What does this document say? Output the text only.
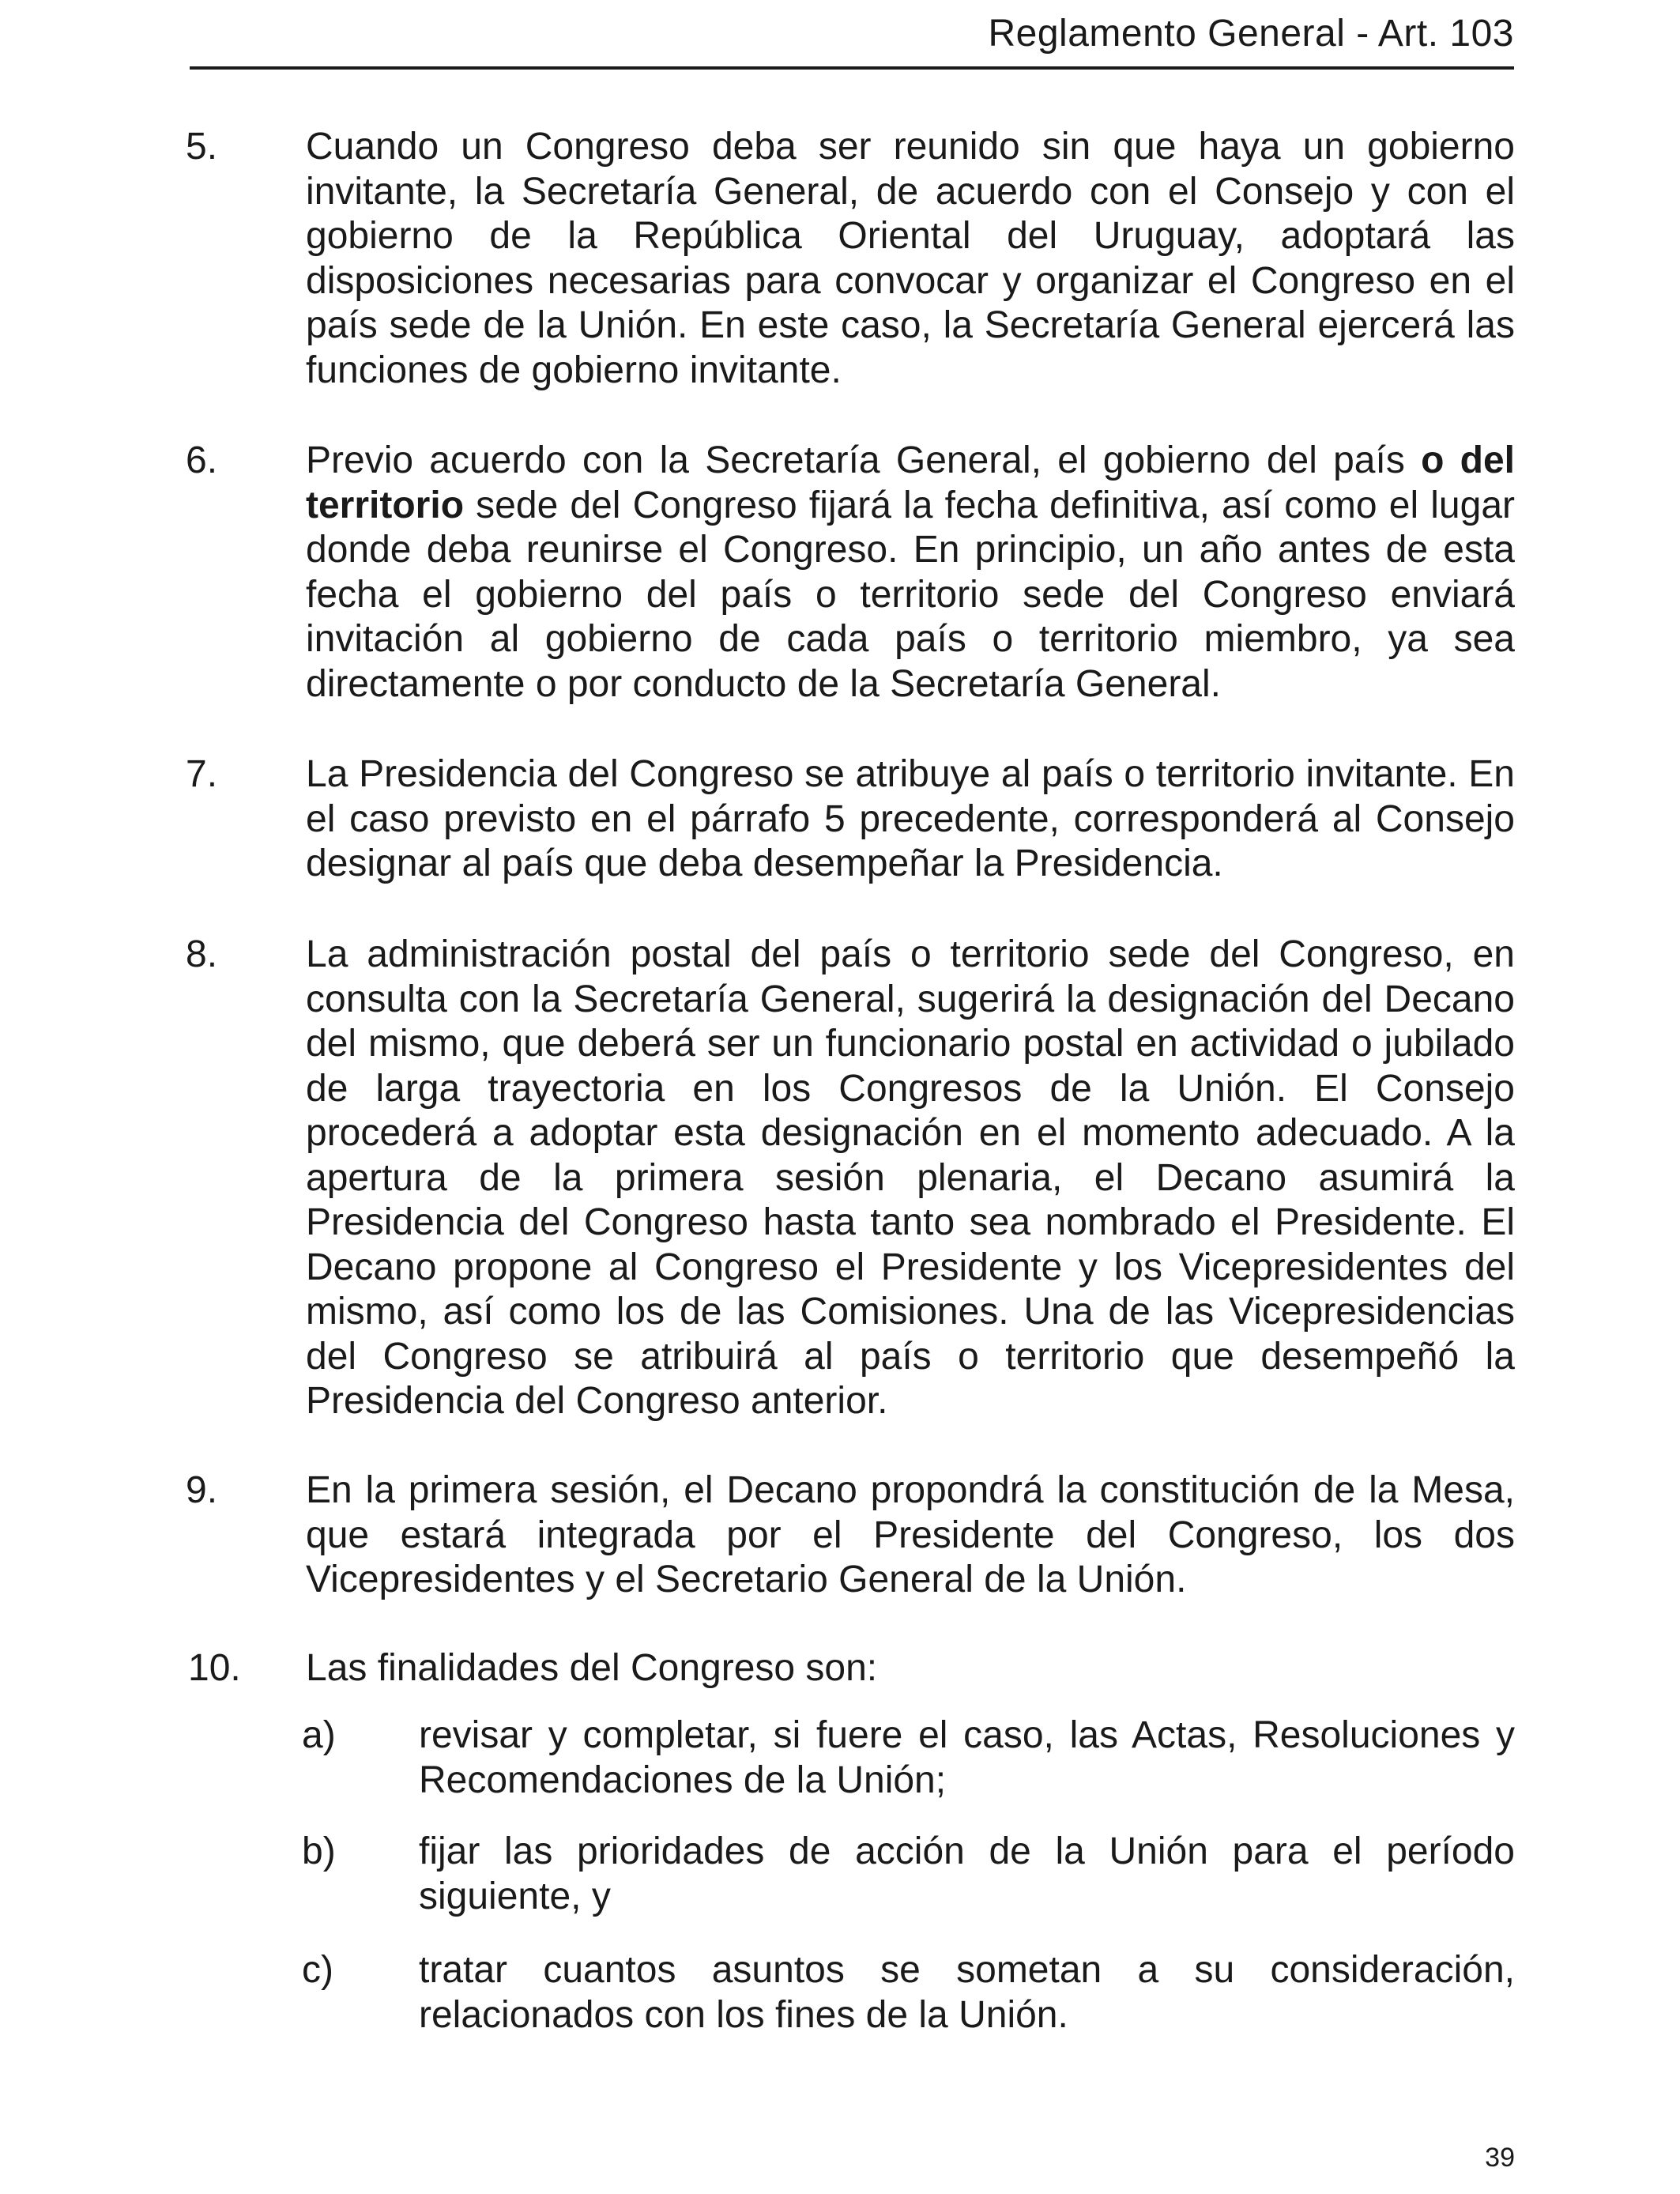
Reglamento General - Art. 103
5.	Cuando un Congreso deba ser reunido sin que haya un gobierno invitante, la Secretaría General, de acuerdo con el Consejo y con el gobierno de la República Oriental del Uruguay, adoptará las disposiciones necesarias para convocar y organizar el Congreso en el país sede de la Unión. En este caso, la Secretaría General ejercerá las funciones de gobierno invitante.
6.	Previo acuerdo con la Secretaría General, el gobierno del país o del territorio sede del Congreso fijará la fecha definitiva, así como el lugar donde deba reunirse el Congreso. En principio, un año antes de esta fecha el gobierno del país o territorio sede del Congreso enviará invitación al gobierno de cada país o territorio miembro, ya sea directamente o por conducto de la Secretaría General.
7.	La Presidencia del Congreso se atribuye al país o territorio invitante. En el caso previsto en el párrafo 5 precedente, corresponderá al Consejo designar al país que deba desempeñar la Presidencia.
8.	La administración postal del país o territorio sede del Congreso, en consulta con la Secretaría General, sugerirá la designación del Decano del mismo, que deberá ser un funcionario postal en actividad o jubilado de larga trayectoria en los Congresos de la Unión. El Consejo procederá a adoptar esta designación en el momento adecuado. A la apertura de la primera sesión plenaria, el Decano asumirá la Presidencia del Congreso hasta tanto sea nombrado el Presidente. El Decano propone al Congreso el Presidente y los Vicepresidentes del mismo, así como los de las Comisiones. Una de las Vicepresidencias del Congreso se atribuirá al país o territorio que desempeñó la Presidencia del Congreso anterior.
9.	En la primera sesión, el Decano propondrá la constitución de la Mesa, que estará integrada por el Presidente del Congreso, los dos Vicepresidentes y el Secretario General de la Unión.
10.	Las finalidades del Congreso son:
a) revisar y completar, si fuere el caso, las Actas, Resoluciones y Recomendaciones de la Unión;
b) fijar las prioridades de acción de la Unión para el período siguiente, y
c) tratar cuantos asuntos se sometan a su consideración, relacionados con los fines de la Unión.
39
